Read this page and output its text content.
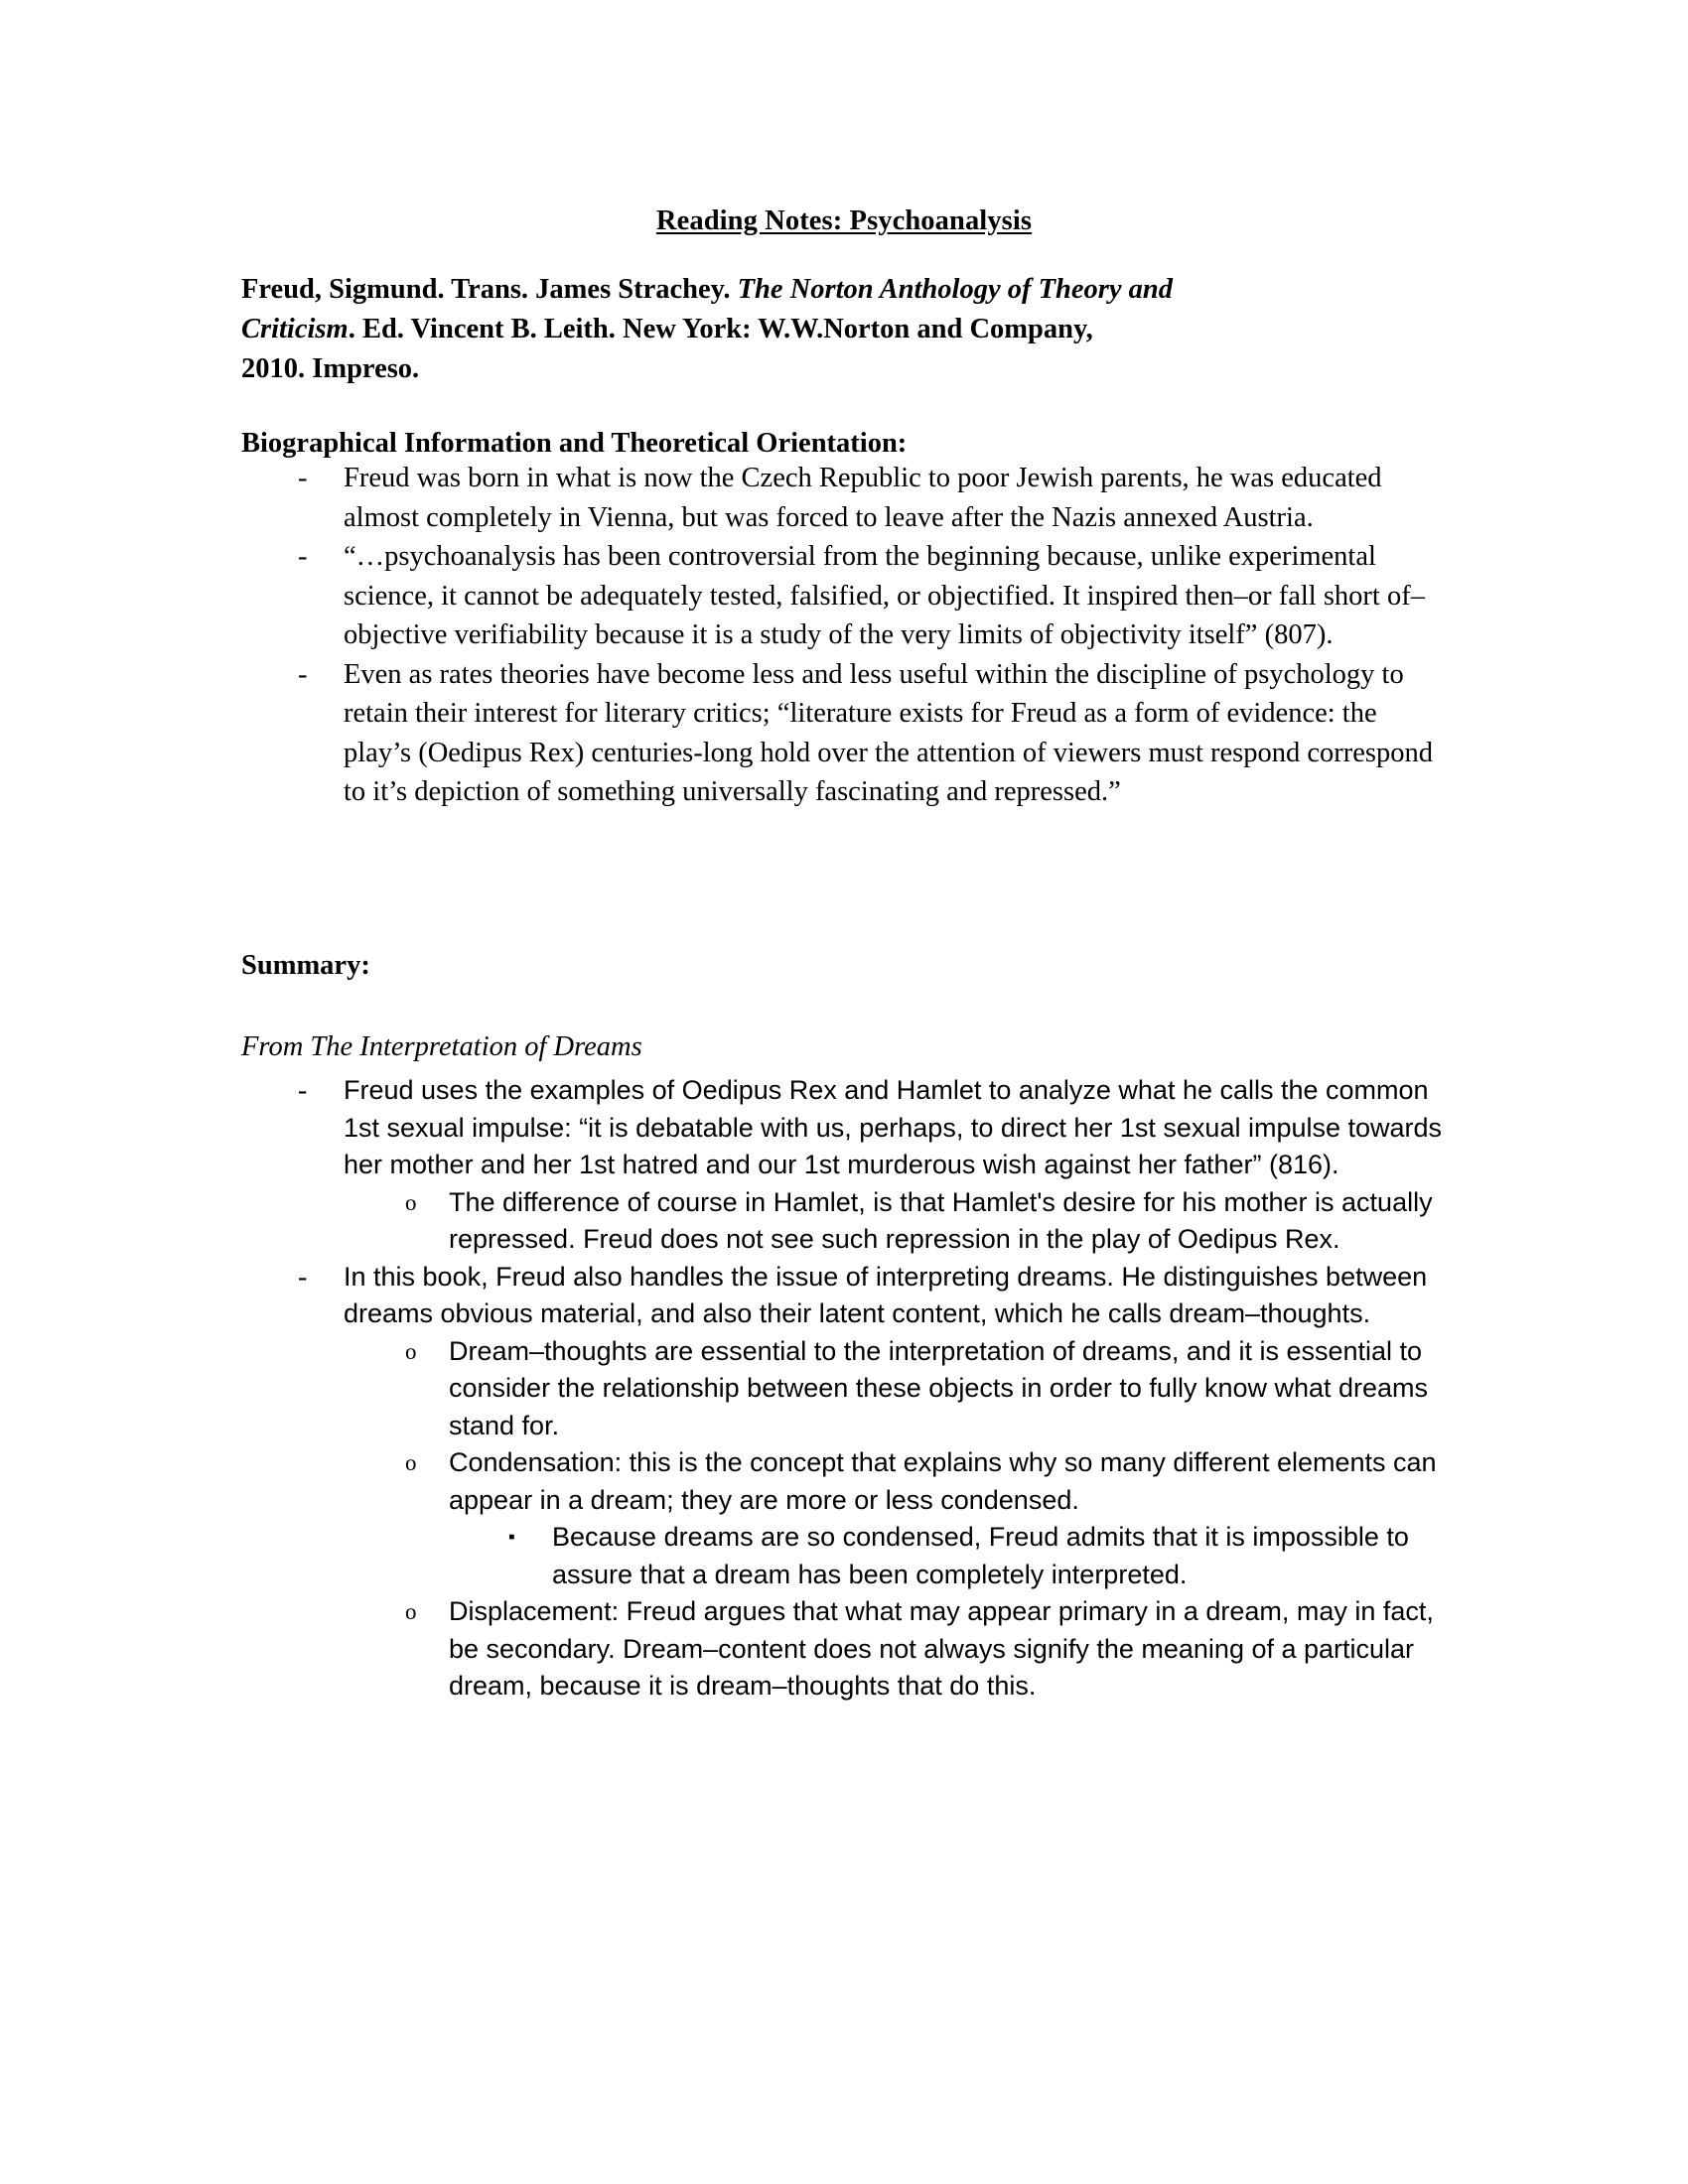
Reading Notes: Psychoanalysis
Freud, Sigmund. Trans. James Strachey. The Norton Anthology of Theory and
Criticism. Ed. Vincent B. Leith. New York: W.W.Norton and Company,
2010. Impreso.
Biographical Information and Theoretical Orientation:
-	Freud was born in what is now the Czech Republic to poor Jewish parents, he was educated almost completely in Vienna, but was forced to leave after the Nazis annexed Austria.
-	“…psychoanalysis has been controversial from the beginning because, unlike experimental science, it cannot be adequately tested, falsified, or objectified. It inspired then–or fall short of–objective verifiability because it is a study of the very limits of objectivity itself” (807).
-	Even as rates theories have become less and less useful within the discipline of psychology to retain their interest for literary critics; “literature exists for Freud as a form of evidence: the play’s (Oedipus Rex) centuries-long hold over the attention of viewers must respond correspond to it’s depiction of something universally fascinating and repressed.”
Summary:
From The Interpretation of Dreams
-	Freud uses the examples of Oedipus Rex and Hamlet to analyze what he calls the common 1st sexual impulse: “it is debatable with us, perhaps, to direct her 1st sexual impulse towards her mother and her 1st hatred and our 1st murderous wish against her father” (816).
o	The difference of course in Hamlet, is that Hamlet's desire for his mother is actually repressed. Freud does not see such repression in the play of Oedipus Rex.
-	In this book, Freud also handles the issue of interpreting dreams. He distinguishes between dreams obvious material, and also their latent content, which he calls dream–thoughts.
o	Dream–thoughts are essential to the interpretation of dreams, and it is essential to consider the relationship between these objects in order to fully know what dreams stand for.
o	Condensation: this is the concept that explains why so many different elements can appear in a dream; they are more or less condensed.
▪	Because dreams are so condensed, Freud admits that it is impossible to assure that a dream has been completely interpreted.
o	Displacement: Freud argues that what may appear primary in a dream, may in fact, be secondary. Dream–content does not always signify the meaning of a particular dream, because it is dream–thoughts that do this.
